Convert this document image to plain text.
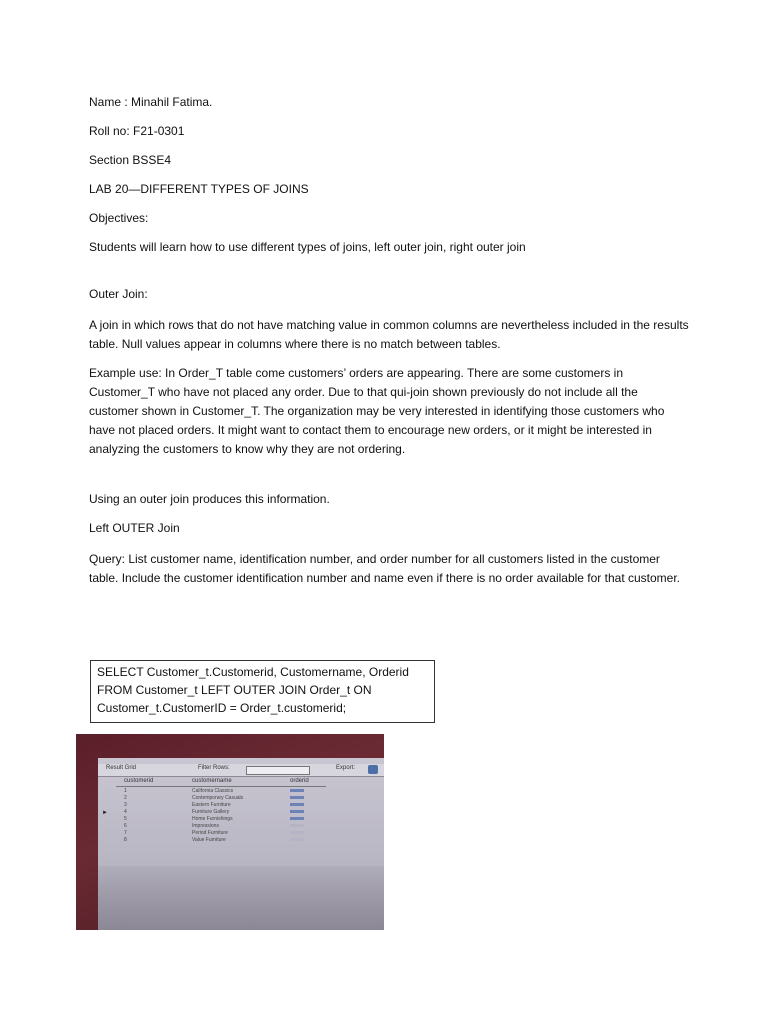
Name : Minahil Fatima.

Roll no: F21-0301

Section BSSE4

LAB 20—DIFFERENT TYPES OF JOINS

Objectives:

Students will learn how to use different types of joins, left outer join, right outer join

Outer Join:

A join in which rows that do not have matching value in common columns are nevertheless included in the results table. Null values appear in columns where there is no match between tables.

Example use: In Order_T table come customers’ orders are appearing. There are some customers in Customer_T who have not placed any order. Due to that qui-join shown previously do not include all the customer shown in Customer_T. The organization may be very interested in identifying those customers who have not placed orders. It might want to contact them to encourage new orders, or it might be interested in analyzing the customers to know why they are not ordering.

Using an outer join produces this information.

Left OUTER Join

Query: List customer name, identification number, and order number for all customers listed in the customer table. Include the customer identification number and name even if there is no order available for that customer.

SELECT Customer_t.Customerid, Customername, Orderid

FROM Customer_t LEFT OUTER JOIN Order_t ON

Customer_t.CustomerID = Order_t.customerid;

Result Grid	Filter Rows:	Export:
customerid	customername	orderid
►
1	California Classics
2	Contemporary Casuals
3	Eastern Furniture
4	Furniture Gallery
5	Home Furnishings
6	Impressions
7	Period Furniture
8	Value Furniture
